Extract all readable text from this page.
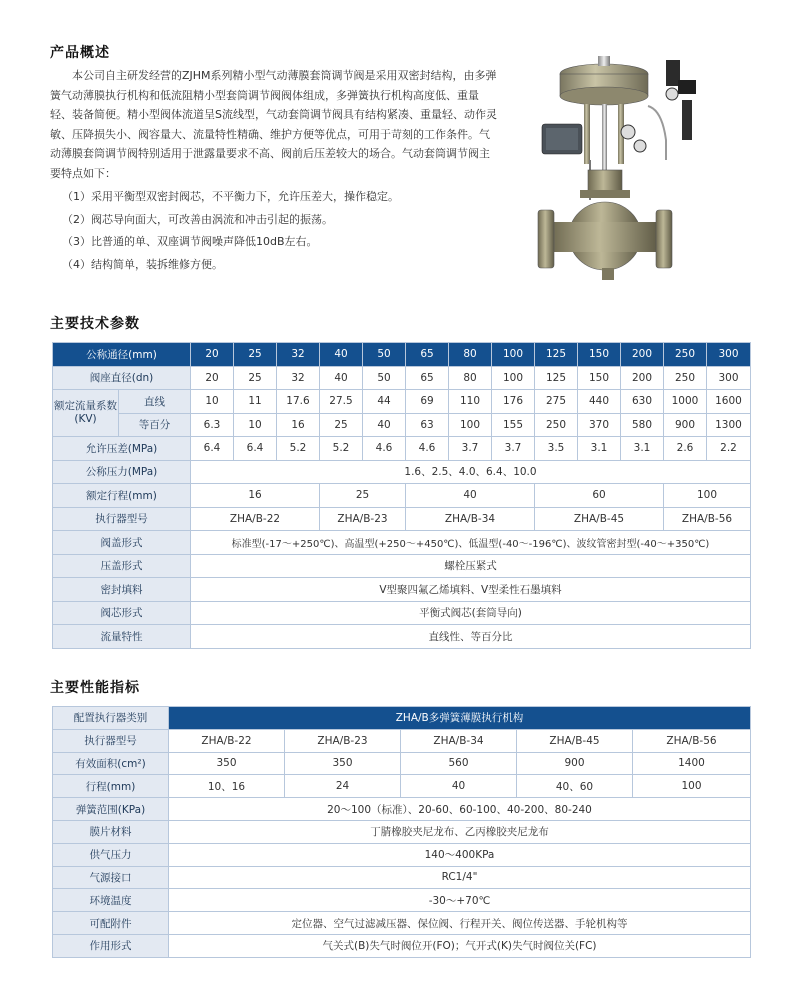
产品概述

本公司自主研发经营的ZJHM系列精小型气动薄膜套筒调节阀是采用双密封结构，由多弹簧气动薄膜执行机构和低流阻精小型套筒调节阀阀体组成，多弹簧执行机构高度低、重量轻、装备简便。精小型阀体流道呈S流线型，气动套筒调节阀具有结构紧凑、重量轻、动作灵敏、压降损失小、阀容量大、流量特性精确、维护方便等优点，可用于苛刻的工作条件。气动薄膜套筒调节阀特别适用于泄露量要求不高、阀前后压差较大的场合。气动套筒调节阀主要特点如下：

（1）采用平衡型双密封阀芯，不平衡力下，允许压差大，操作稳定。
（2）阀芯导向面大，可改善由涡流和冲击引起的振荡。
（3）比普通的单、双座调节阀噪声降低10dB左右。
（4）结构简单，装拆维修方便。
主要技术参数
公称通径(mm)		20	25	32	40	50	65	80	100	125	150	200	250	300
阀座直径(dn)		20	25	32	40	50	65	80	100	125	150	200	250	300
额定流量系数(KV)	直线	10	11	17.6	27.5	44	69	110	176	275	440	630	1000	1600
	等百分	6.3	10	16	25	40	63	100	155	250	370	580	900	1300
允许压差(MPa)		6.4	6.4	5.2	5.2	4.6	4.6	3.7	3.7	3.5	3.1	3.1	2.6	2.2
公称压力(MPa)		1.6、2.5、4.0、6.4、10.0												
额定行程(mm)		16			25		40			60			100	
执行器型号		ZHA/B-22			ZHA/B-23		ZHA/B-34			ZHA/B-45			ZHA/B-56	
阀盖形式		标准型(-17～+250℃)、高温型(+250～+450℃)、低温型(-40～-196℃)、波纹管密封型(-40～+350℃)												
压盖形式		螺栓压紧式												
密封填料		V型聚四氟乙烯填料、V型柔性石墨填料												
阀芯形式		平衡式阀芯(套筒导向)												
流量特性		直线性、等百分比												
主要性能指标
配置执行器类别	ZHA/B多弹簧薄膜执行机构				
执行器型号	ZHA/B-22	ZHA/B-23	ZHA/B-34	ZHA/B-45	ZHA/B-56
有效面积(cm²)	350	350	560	900	1400
行程(mm)	10、16	24	40	40、60	100
弹簧范围(KPa)	20～100（标准）、20-60、60-100、40-200、80-240				
膜片材料	丁腈橡胶夹尼龙布、乙丙橡胶夹尼龙布				
供气压力	140～400KPa				
气源接口	RC1/4"				
环境温度	-30～+70℃				
可配附件	定位器、空气过滤减压器、保位阀、行程开关、阀位传送器、手轮机构等				
作用形式	气关式(B)失气时阀位开(FO)；气开式(K)失气时阀位关(FC)				
